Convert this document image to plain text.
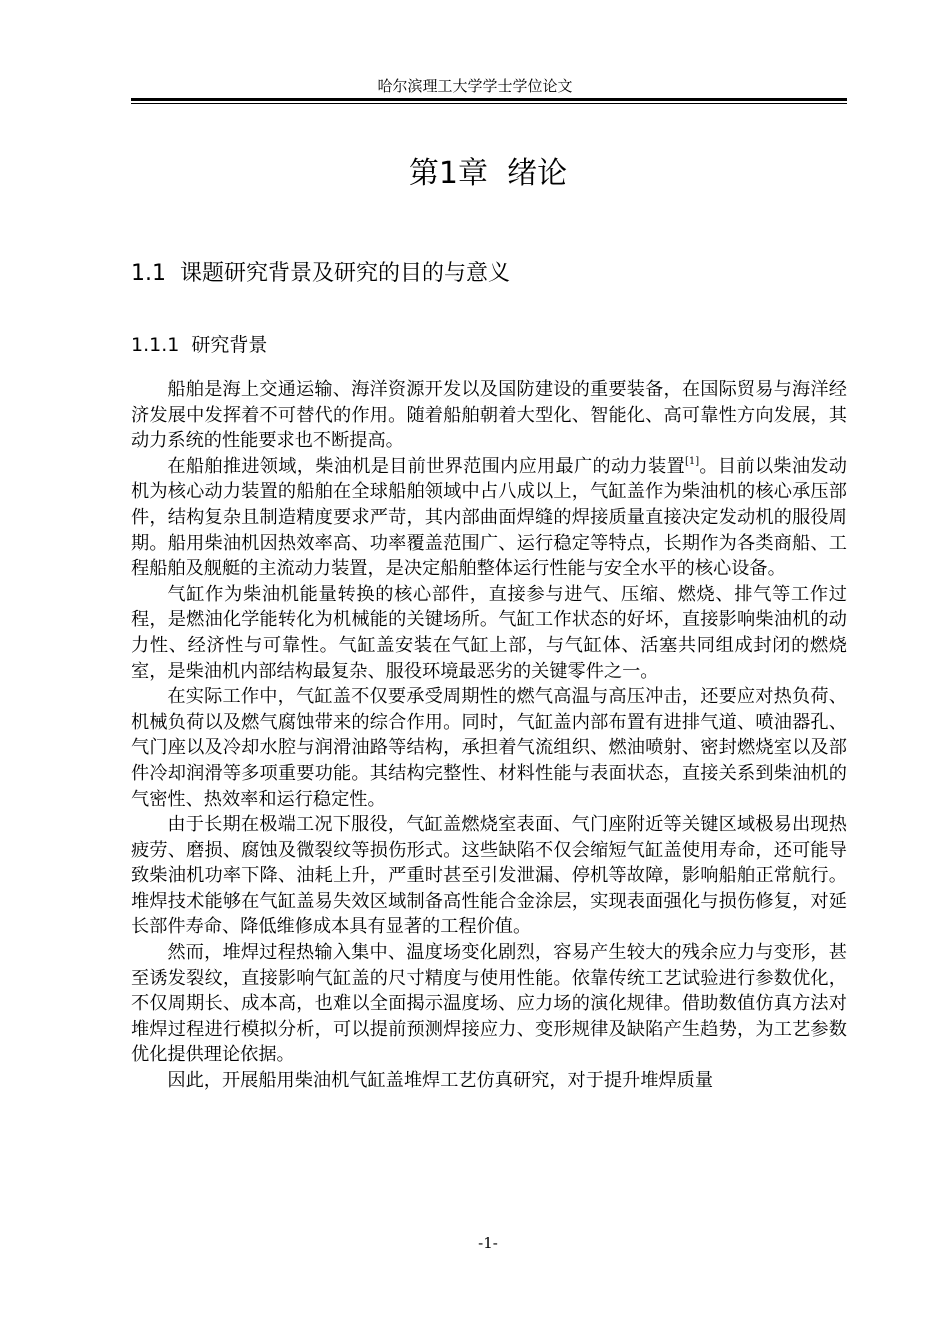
哈尔滨理工大学学士学位论文
第1章  绪论
1.1  课题研究背景及研究的目的与意义
1.1.1  研究背景

船舶是海上交通运输、海洋资源开发以及国防建设的重要装备，在国际贸易与海洋经济发展中发挥着不可替代的作用。随着船舶朝着大型化、智能化、高可靠性方向发展，其动力系统的性能要求也不断提高。

在船舶推进领域，柴油机是目前世界范围内应用最广的动力装置[1]。目前以柴油发动机为核心动力装置的船舶在全球船舶领域中占八成以上，气缸盖作为柴油机的核心承压部件，结构复杂且制造精度要求严苛，其内部曲面焊缝的焊接质量直接决定发动机的服役周期。船用柴油机因热效率高、功率覆盖范围广、运行稳定等特点，长期作为各类商船、工程船舶及舰艇的主流动力装置，是决定船舶整体运行性能与安全水平的核心设备。

气缸作为柴油机能量转换的核心部件，直接参与进气、压缩、燃烧、排气等工作过程，是燃油化学能转化为机械能的关键场所。气缸工作状态的好坏，直接影响柴油机的动力性、经济性与可靠性。气缸盖安装在气缸上部，与气缸体、活塞共同组成封闭的燃烧室，是柴油机内部结构最复杂、服役环境最恶劣的关键零件之一。

在实际工作中，气缸盖不仅要承受周期性的燃气高温与高压冲击，还要应对热负荷、机械负荷以及燃气腐蚀带来的综合作用。同时，气缸盖内部布置有进排气道、喷油器孔、气门座以及冷却水腔与润滑油路等结构，承担着气流组织、燃油喷射、密封燃烧室以及部件冷却润滑等多项重要功能。其结构完整性、材料性能与表面状态，直接关系到柴油机的气密性、热效率和运行稳定性。

由于长期在极端工况下服役，气缸盖燃烧室表面、气门座附近等关键区域极易出现热疲劳、磨损、腐蚀及微裂纹等损伤形式。这些缺陷不仅会缩短气缸盖使用寿命，还可能导致柴油机功率下降、油耗上升，严重时甚至引发泄漏、停机等故障，影响船舶正常航行。堆焊技术能够在气缸盖易失效区域制备高性能合金涂层，实现表面强化与损伤修复，对延长部件寿命、降低维修成本具有显著的工程价值。

然而，堆焊过程热输入集中、温度场变化剧烈，容易产生较大的残余应力与变形，甚至诱发裂纹，直接影响气缸盖的尺寸精度与使用性能。依靠传统工艺试验进行参数优化，不仅周期长、成本高，也难以全面揭示温度场、应力场的演化规律。借助数值仿真方法对堆焊过程进行模拟分析，可以提前预测焊接应力、变形规律及缺陷产生趋势，为工艺参数优化提供理论依据。

因此，开展船用柴油机气缸盖堆焊工艺仿真研究，对于提升堆焊质量

-1-
